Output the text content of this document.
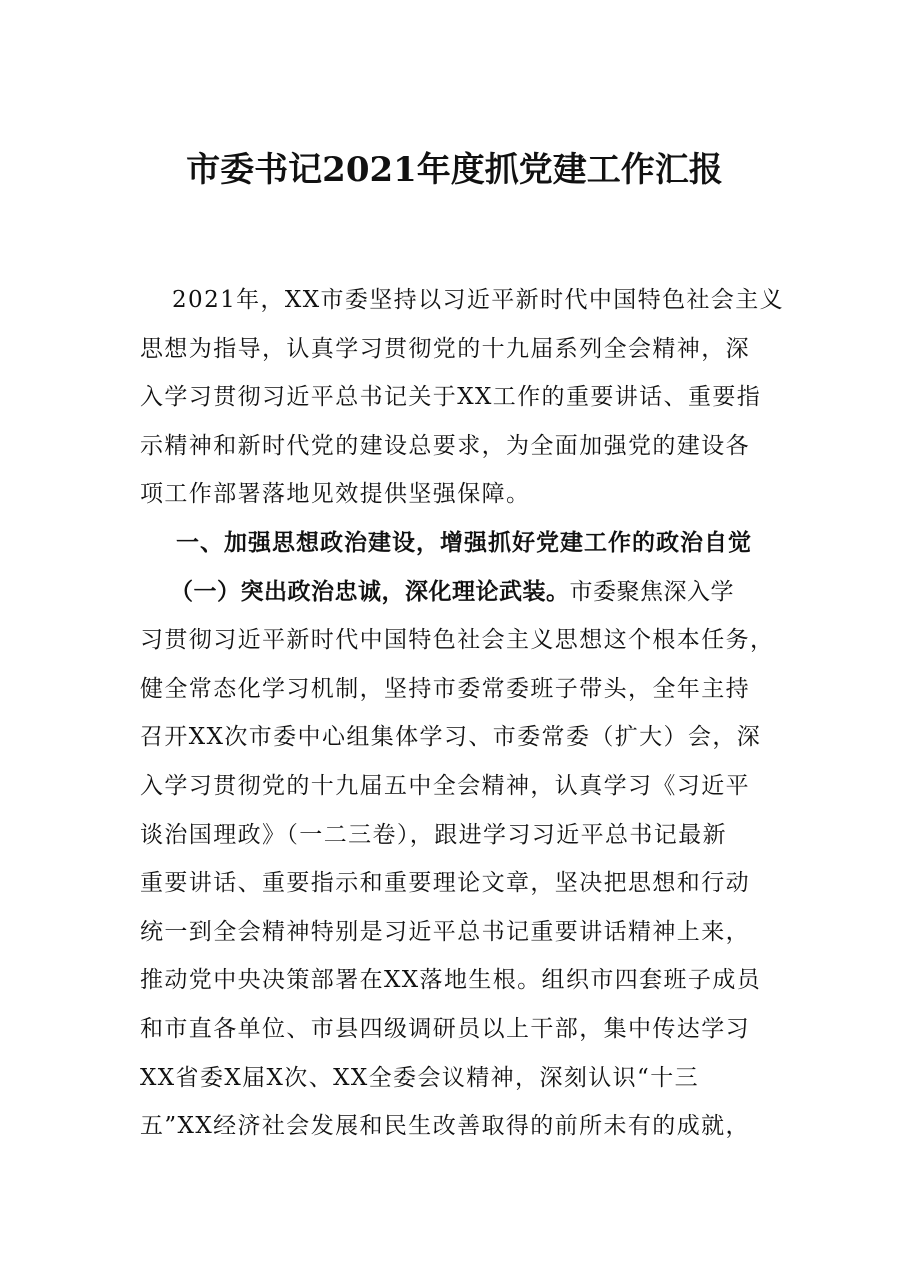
市委书记2021年度抓党建工作汇报
2021年，XX市委坚持以习近平新时代中国特色社会主义
思想为指导，认真学习贯彻党的十九届系列全会精神，深
入学习贯彻习近平总书记关于XX工作的重要讲话、重要指
示精神和新时代党的建设总要求，为全面加强党的建设各
项工作部署落地见效提供坚强保障。
一、加强思想政治建设，增强抓好党建工作的政治自觉
（一）突出政治忠诚，深化理论武装。市委聚焦深入学
习贯彻习近平新时代中国特色社会主义思想这个根本任务，
健全常态化学习机制，坚持市委常委班子带头，全年主持
召开XX次市委中心组集体学习、市委常委（扩大）会，深
入学习贯彻党的十九届五中全会精神，认真学习《习近平
谈治国理政》（一二三卷），跟进学习习近平总书记最新
重要讲话、重要指示和重要理论文章，坚决把思想和行动
统一到全会精神特别是习近平总书记重要讲话精神上来，
推动党中央决策部署在XX落地生根。组织市四套班子成员
和市直各单位、市县四级调研员以上干部，集中传达学习
XX省委X届X次、XX全委会议精神，深刻认识“十三
五”XX经济社会发展和民生改善取得的前所未有的成就，
